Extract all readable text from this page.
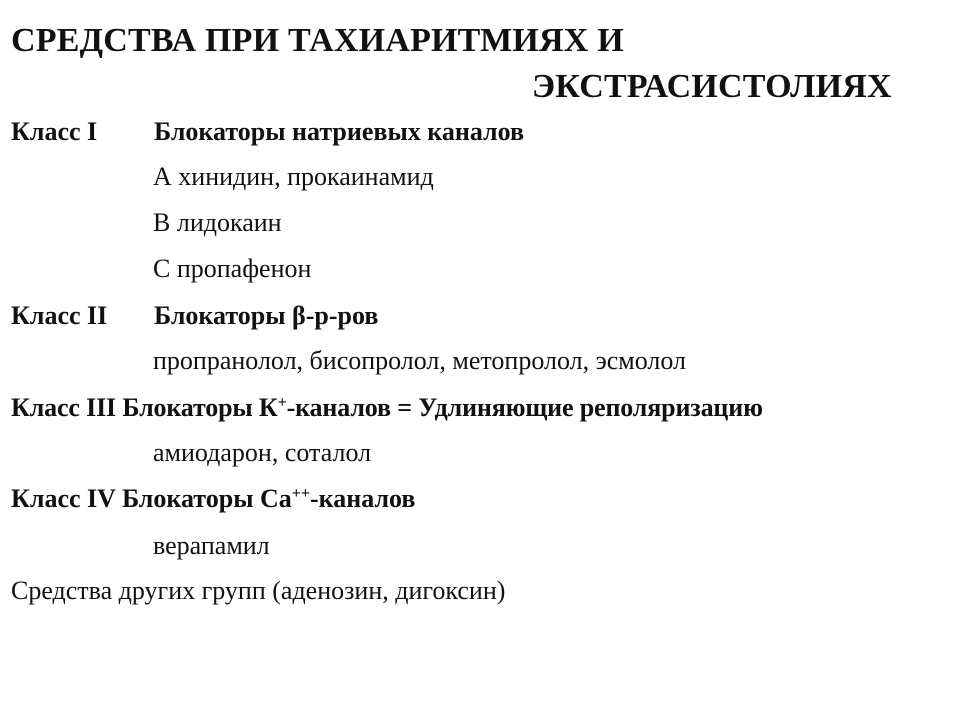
СРЕДСТВА ПРИ ТАХИАРИТМИЯХ И
ЭКСТРАСИСТОЛИЯХ
Класс I Блокаторы натриевых каналов
А хинидин, прокаинамид
В лидокаин
С пропафенон
Класс II Блокаторы β-р-ров
пропранолол, бисопролол, метопролол, эсмолол
Класс III Блокаторы К+-каналов = Удлиняющие реполяризацию
амиодарон, соталол
Класс IV Блокаторы Са++-каналов
верапамил
Средства других групп (аденозин, дигоксин)
